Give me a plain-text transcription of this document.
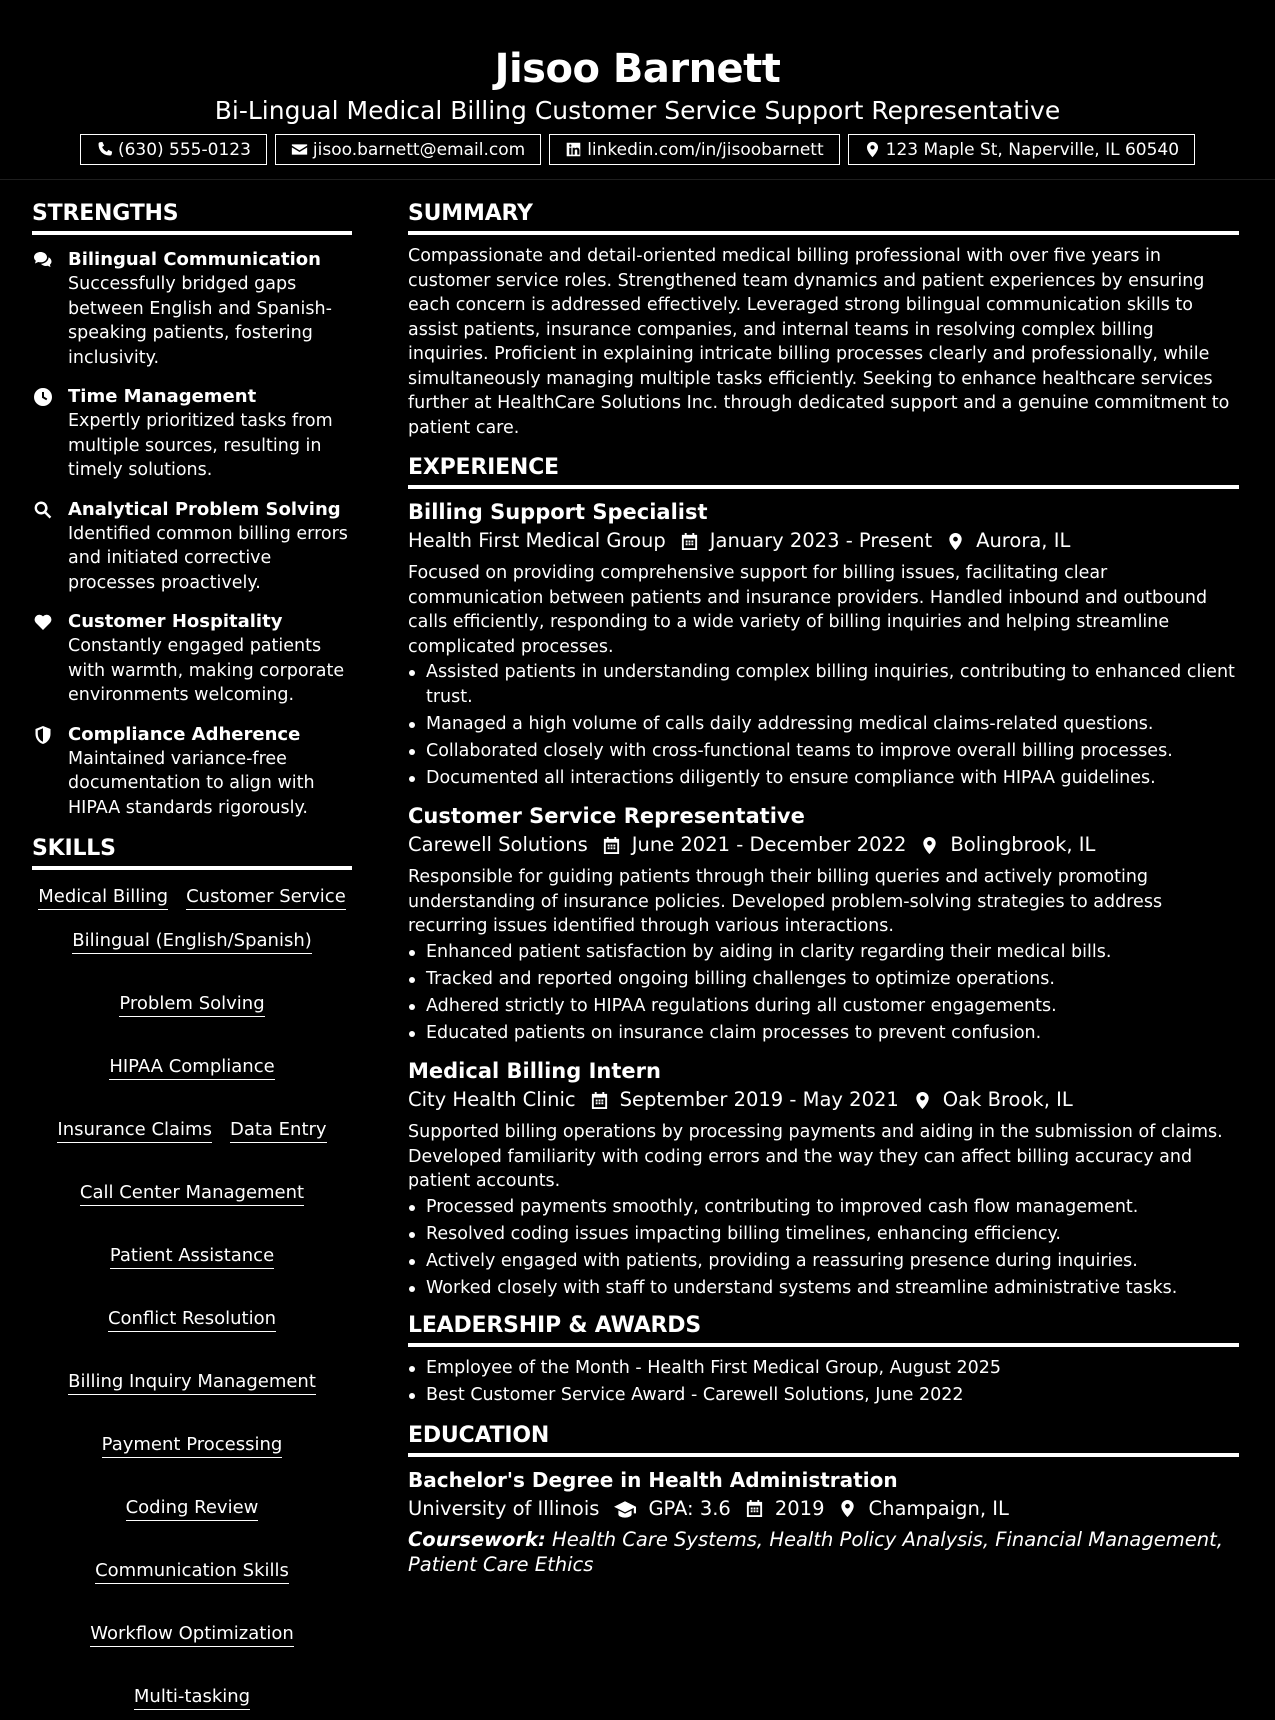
Jisoo Barnett
Bi-Lingual Medical Billing Customer Service Support Representative
(630) 555-0123	jisoo.barnett@email.com	linkedin.com/in/jisoobarnett	123 Maple St, Naperville, IL 60540
STRENGTHS
Bilingual Communication
Successfully bridged gaps between English and Spanish-speaking patients, fostering inclusivity.
Time Management
Expertly prioritized tasks from multiple sources, resulting in timely solutions.
Analytical Problem Solving
Identified common billing errors and initiated corrective processes proactively.
Customer Hospitality
Constantly engaged patients with warmth, making corporate environments welcoming.
Compliance Adherence
Maintained variance-free documentation to align with HIPAA standards rigorously.
SKILLS
Medical Billing Customer Service
Bilingual (English/Spanish)
Problem Solving
HIPAA Compliance
Insurance Claims Data Entry
Call Center Management
Patient Assistance
Conflict Resolution
Billing Inquiry Management
Payment Processing
Coding Review
Communication Skills
Workflow Optimization
Multi-tasking
SUMMARY

Compassionate and detail-oriented medical billing professional with over five years in customer service roles. Strengthened team dynamics and patient experiences by ensuring each concern is addressed effectively. Leveraged strong bilingual communication skills to assist patients, insurance companies, and internal teams in resolving complex billing inquiries. Proficient in explaining intricate billing processes clearly and professionally, while simultaneously managing multiple tasks efficiently. Seeking to enhance healthcare services further at HealthCare Solutions Inc. through dedicated support and a genuine commitment to patient care.

EXPERIENCE
Billing Support Specialist
Health First Medical Group January 2023 - Present Aurora, IL

Focused on providing comprehensive support for billing issues, facilitating clear communication between patients and insurance providers. Handled inbound and outbound calls efficiently, responding to a wide variety of billing inquiries and helping streamline complicated processes.

Assisted patients in understanding complex billing inquiries, contributing to enhanced client trust.
Managed a high volume of calls daily addressing medical claims-related questions.
Collaborated closely with cross-functional teams to improve overall billing processes.
Documented all interactions diligently to ensure compliance with HIPAA guidelines.
Customer Service Representative
Carewell Solutions June 2021 - December 2022 Bolingbrook, IL

Responsible for guiding patients through their billing queries and actively promoting understanding of insurance policies. Developed problem-solving strategies to address recurring issues identified through various interactions.

Enhanced patient satisfaction by aiding in clarity regarding their medical bills.
Tracked and reported ongoing billing challenges to optimize operations.
Adhered strictly to HIPAA regulations during all customer engagements.
Educated patients on insurance claim processes to prevent confusion.
Medical Billing Intern
City Health Clinic September 2019 - May 2021 Oak Brook, IL

Supported billing operations by processing payments and aiding in the submission of claims. Developed familiarity with coding errors and the way they can affect billing accuracy and patient accounts.

Processed payments smoothly, contributing to improved cash flow management.
Resolved coding issues impacting billing timelines, enhancing efficiency.
Actively engaged with patients, providing a reassuring presence during inquiries.
Worked closely with staff to understand systems and streamline administrative tasks.
LEADERSHIP & AWARDS
Employee of the Month - Health First Medical Group, August 2025
Best Customer Service Award - Carewell Solutions, June 2022
EDUCATION
Bachelor's Degree in Health Administration
University of Illinois	GPA: 3.6 2019 Champaign, IL

Coursework: Health Care Systems, Health Policy Analysis, Financial Management, Patient Care Ethics
